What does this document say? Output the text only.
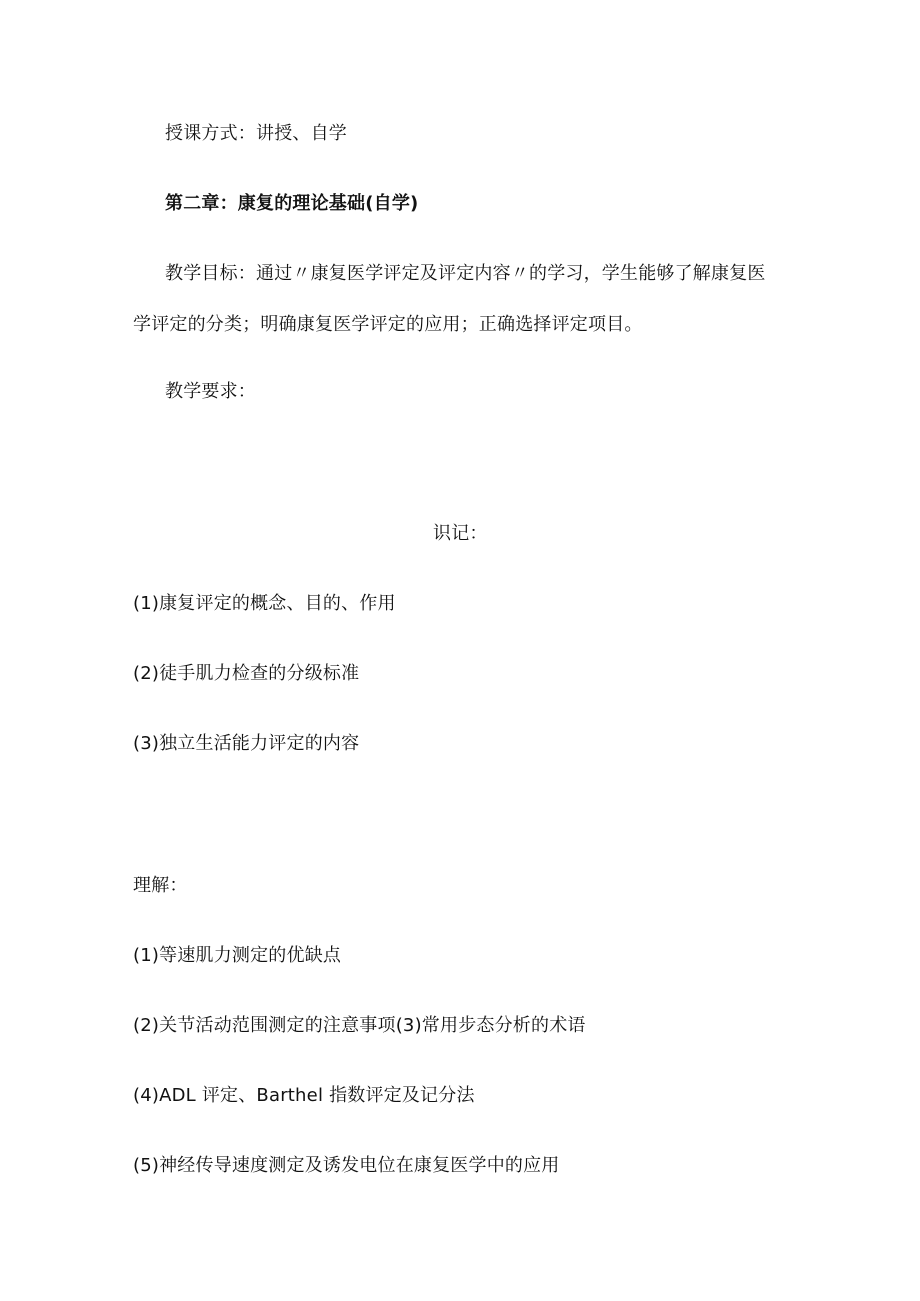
授课方式：讲授、自学
第二章：康复的理论基础(自学)
教学目标：通过〃康复医学评定及评定内容〃的学习，学生能够了解康复医
学评定的分类；明确康复医学评定的应用；正确选择评定项目。
教学要求：
识记：
(1)康复评定的概念、目的、作用
(2)徒手肌力检查的分级标准
(3)独立生活能力评定的内容
理解：
(1)等速肌力测定的优缺点
(2)关节活动范围测定的注意事项(3)常用步态分析的术语
(4)ADL 评定、Barthel 指数评定及记分法
(5)神经传导速度测定及诱发电位在康复医学中的应用
